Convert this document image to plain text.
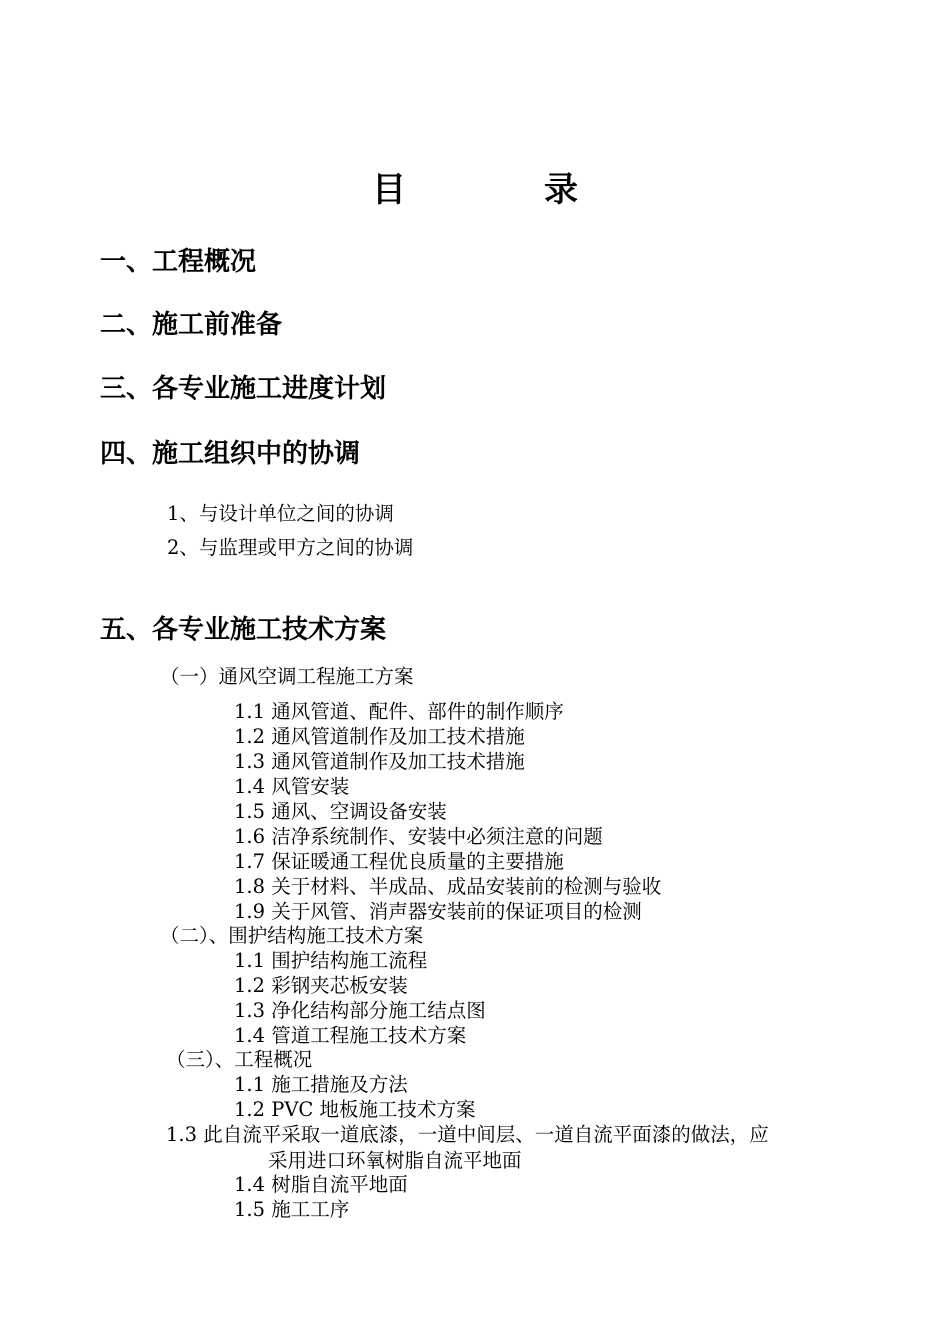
目　录
一、工程概况
二、施工前准备
三、各专业施工进度计划
四、施工组织中的协调
1、与设计单位之间的协调
2、与监理或甲方之间的协调
五、各专业施工技术方案
（一）通风空调工程施工方案
1.1 通风管道、配件、部件的制作顺序
1.2 通风管道制作及加工技术措施
1.3 通风管道制作及加工技术措施
1.4 风管安装
1.5 通风、空调设备安装
1.6 洁净系统制作、安装中必须注意的问题
1.7 保证暖通工程优良质量的主要措施
1.8 关于材料、半成品、成品安装前的检测与验收
1.9 关于风管、消声器安装前的保证项目的检测
（二）、围护结构施工技术方案
1.1 围护结构施工流程
1.2 彩钢夹芯板安装
1.3 净化结构部分施工结点图
1.4 管道工程施工技术方案
（三）、工程概况
1.1 施工措施及方法
1.2 PVC 地板施工技术方案
1.3 此自流平采取一道底漆，一道中间层、一道自流平面漆的做法，应
采用进口环氧树脂自流平地面
1.4 树脂自流平地面
1.5 施工工序
